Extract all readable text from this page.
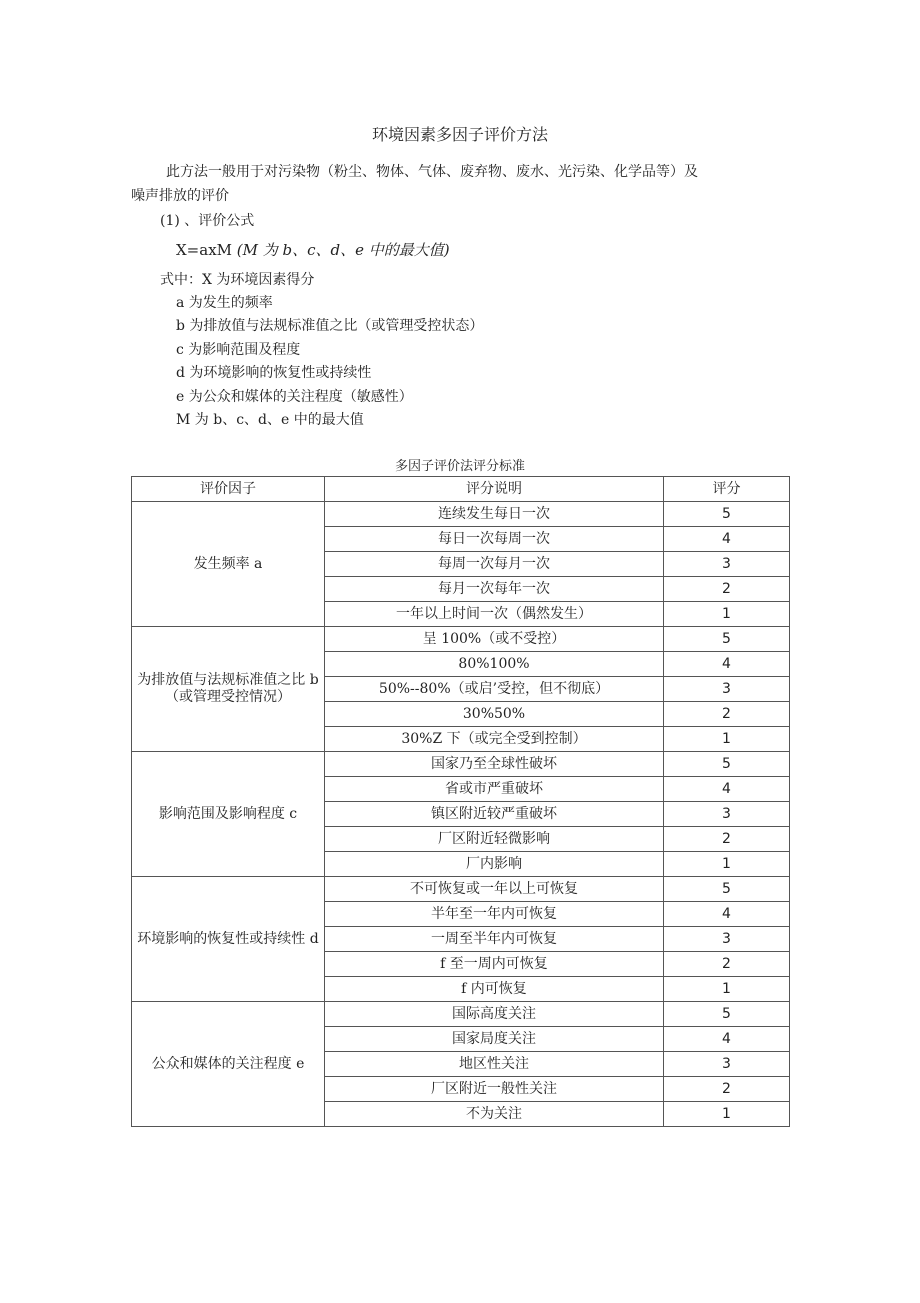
环境因素多因子评价方法
此方法一般用于对污染物（粉尘、物体、气体、废弃物、废水、光污染、化学品等）及
噪声排放的评价
(1) 、评价公式
X=axM (M 为 b、c、d、e 中的最大值)
式中：X 为环境因素得分
a 为发生的频率
b 为排放值与法规标准值之比（或管理受控状态）
c 为影响范围及程度
d 为环境影响的恢复性或持续性
e 为公众和媒体的关注程度（敏感性）
M 为 b、c、d、e 中的最大值
多因子评价法评分标准
评价因子	评分说明	评分
发生频率 a	连续发生每日一次	5
	每日一次每周一次	4
	每周一次每月一次	3
	每月一次每年一次	2
	一年以上时间一次（偶然发生）	1
为排放值与法规标准值之比 b（或管理受控情况）	呈 100%（或不受控）	5
	80%100%	4
	50%--80%（或启’受控，但不彻底）	3
	30%50%	2
	30%Z 下（或完全受到控制）	1
影响范围及影响程度 c	国家乃至全球性破坏	5
	省或市严重破坏	4
	镇区附近较严重破坏	3
	厂区附近轻微影响	2
	厂内影响	1
环境影响的恢复性或持续性 d	不可恢复或一年以上可恢复	5
	半年至一年内可恢复	4
	一周至半年内可恢复	3
	f 至一周内可恢复	2
	f 内可恢复	1
公众和媒体的关注程度 e	国际高度关注	5
	国家局度关注	4
	地区性关注	3
	厂区附近一般性关注	2
	不为关注	1
